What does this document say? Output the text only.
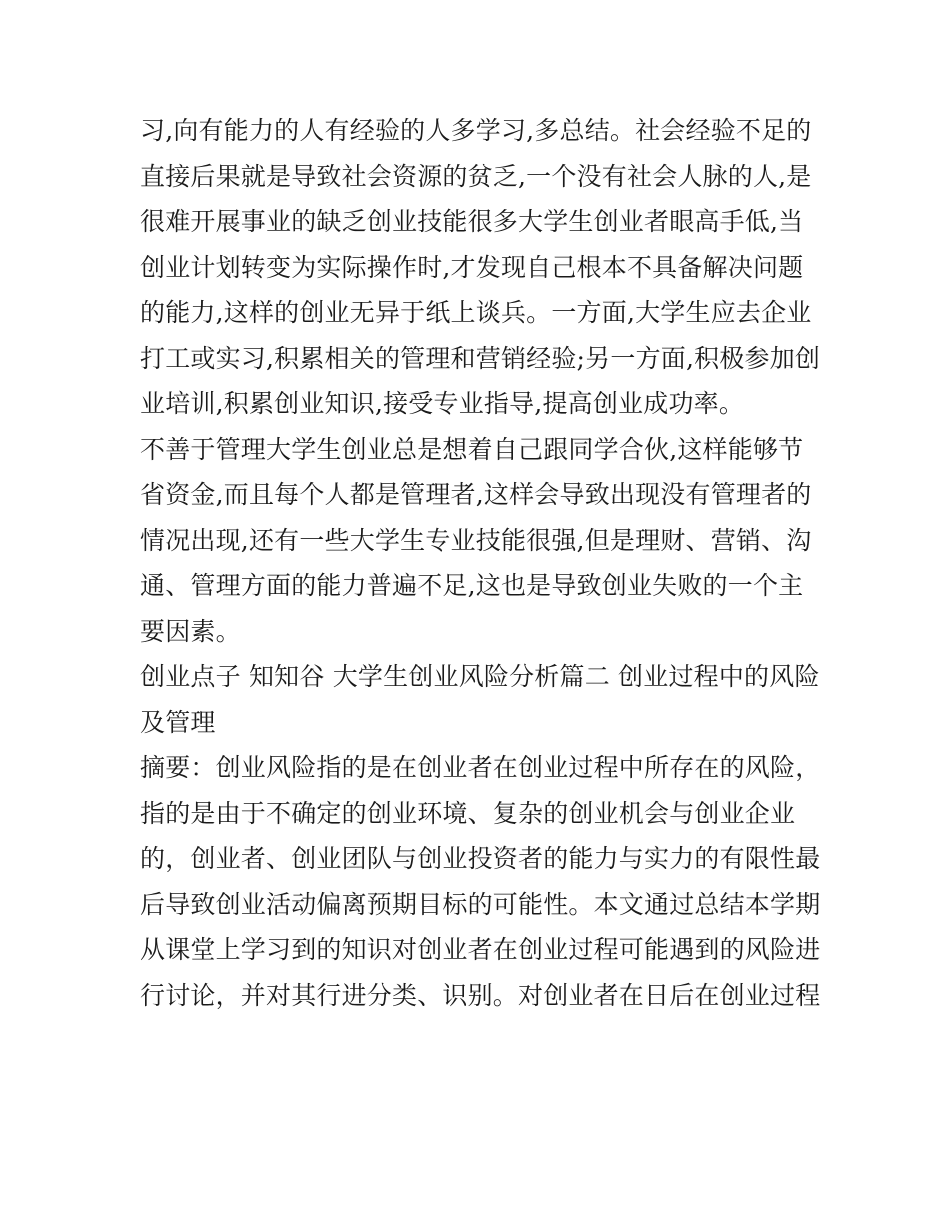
习,向有能力的人有经验的人多学习,多总结。社会经验不足的
直接后果就是导致社会资源的贫乏,一个没有社会人脉的人,是
很难开展事业的缺乏创业技能很多大学生创业者眼高手低,当
创业计划转变为实际操作时,才发现自己根本不具备解决问题
的能力,这样的创业无异于纸上谈兵。一方面,大学生应去企业
打工或实习,积累相关的管理和营销经验;另一方面,积极参加创
业培训,积累创业知识,接受专业指导,提高创业成功率。
不善于管理大学生创业总是想着自己跟同学合伙,这样能够节
省资金,而且每个人都是管理者,这样会导致出现没有管理者的
情况出现,还有一些大学生专业技能很强,但是理财、营销、沟
通、管理方面的能力普遍不足,这也是导致创业失败的一个主
要因素。
创业点子 知知谷 大学生创业风险分析篇二 创业过程中的风险
及管理
摘要：创业风险指的是在创业者在创业过程中所存在的风险，
指的是由于不确定的创业环境、复杂的创业机会与创业企业
的，创业者、创业团队与创业投资者的能力与实力的有限性最
后导致创业活动偏离预期目标的可能性。本文通过总结本学期
从课堂上学习到的知识对创业者在创业过程可能遇到的风险进
行讨论，并对其行进分类、识别。对创业者在日后在创业过程
